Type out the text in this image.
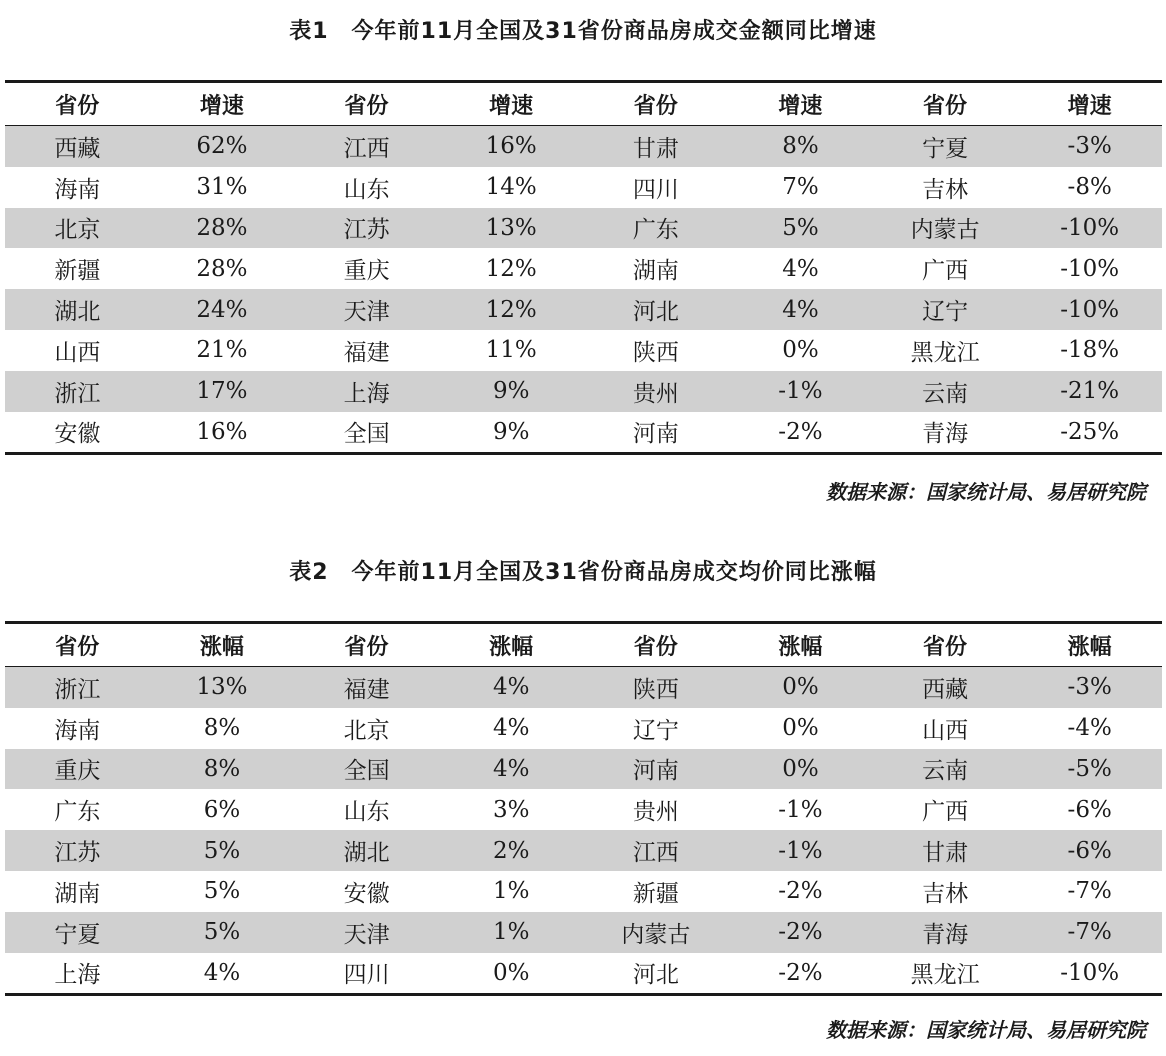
表1　今年前11月全国及31省份商品房成交金额同比增速
省份	增速	省份	增速	省份	增速	省份	增速
西藏	62%	江西	16%	甘肃	8%	宁夏	-3%
海南	31%	山东	14%	四川	7%	吉林	-8%
北京	28%	江苏	13%	广东	5%	内蒙古	-10%
新疆	28%	重庆	12%	湖南	4%	广西	-10%
湖北	24%	天津	12%	河北	4%	辽宁	-10%
山西	21%	福建	11%	陕西	0%	黑龙江	-18%
浙江	17%	上海	9%	贵州	-1%	云南	-21%
安徽	16%	全国	9%	河南	-2%	青海	-25%
数据来源：国家统计局、易居研究院
表2　今年前11月全国及31省份商品房成交均价同比涨幅
省份	涨幅	省份	涨幅	省份	涨幅	省份	涨幅
浙江	13%	福建	4%	陕西	0%	西藏	-3%
海南	8%	北京	4%	辽宁	0%	山西	-4%
重庆	8%	全国	4%	河南	0%	云南	-5%
广东	6%	山东	3%	贵州	-1%	广西	-6%
江苏	5%	湖北	2%	江西	-1%	甘肃	-6%
湖南	5%	安徽	1%	新疆	-2%	吉林	-7%
宁夏	5%	天津	1%	内蒙古	-2%	青海	-7%
上海	4%	四川	0%	河北	-2%	黑龙江	-10%
数据来源：国家统计局、易居研究院
